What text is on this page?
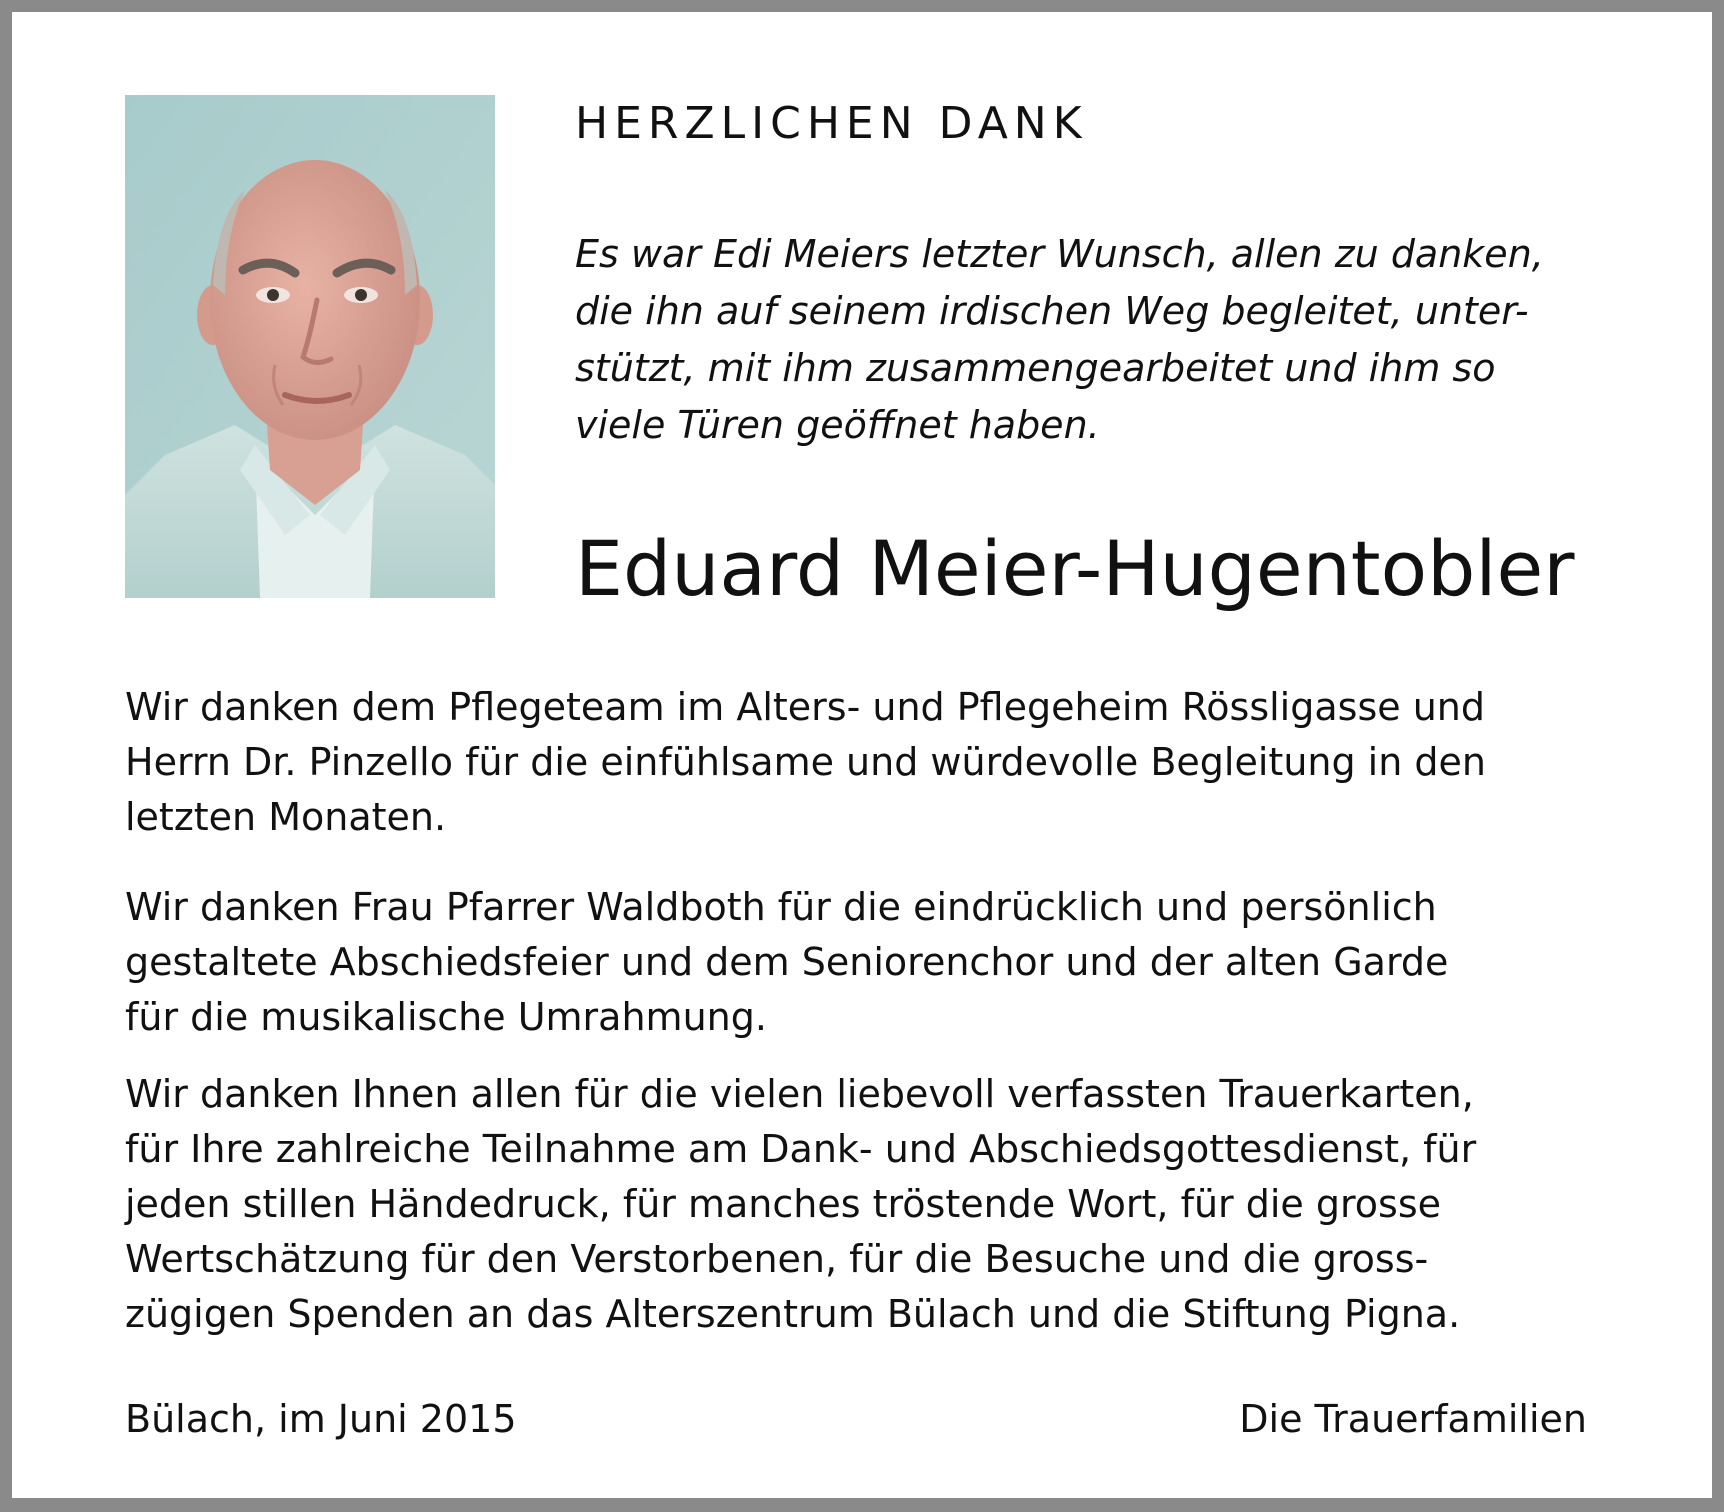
HERZLICHEN DANK
Es war Edi Meiers letzter Wunsch, allen zu danken,
die ihn auf seinem irdischen Weg begleitet, unter-
stützt, mit ihm zusammengearbeitet und ihm so
viele Türen geöffnet haben.
Eduard Meier-Hugentobler
Wir danken dem Pflegeteam im Alters- und Pflegeheim Rössligasse und
Herrn Dr. Pinzello für die einfühlsame und würdevolle Begleitung in den
letzten Monaten.
Wir danken Frau Pfarrer Waldboth für die eindrücklich und persönlich
gestaltete Abschiedsfeier und dem Seniorenchor und der alten Garde
für die musikalische Umrahmung.
Wir danken Ihnen allen für die vielen liebevoll verfassten Trauerkarten,
für Ihre zahlreiche Teilnahme am Dank- und Abschiedsgottesdienst, für
jeden stillen Händedruck, für manches tröstende Wort, für die grosse
Wertschätzung für den Verstorbenen, für die Besuche und die gross-
zügigen Spenden an das Alterszentrum Bülach und die Stiftung Pigna.
Bülach, im Juni 2015	Die Trauerfamilien
